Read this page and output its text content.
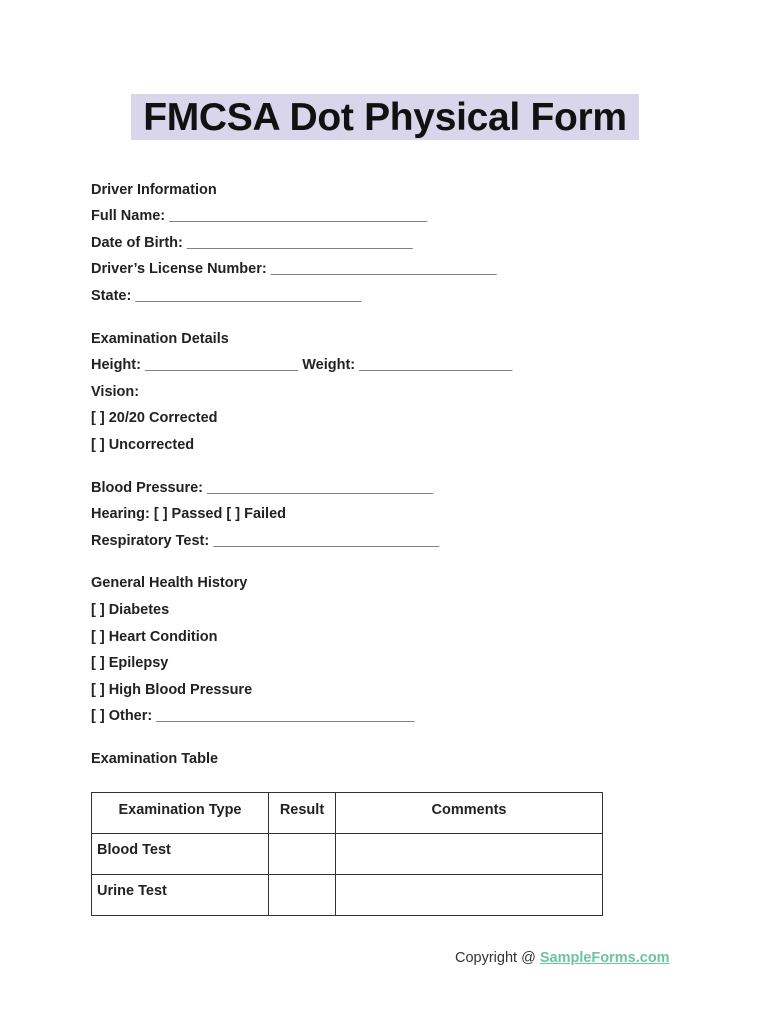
FMCSA Dot Physical Form
Driver Information
Full Name: ________________________________
Date of Birth: ____________________________
Driver’s License Number: ____________________________
State: ____________________________
Examination Details
Height: ___________________ Weight: ___________________
Vision:
[ ] 20/20 Corrected
[ ] Uncorrected
Blood Pressure: ____________________________
Hearing: [ ] Passed [ ] Failed
Respiratory Test: ____________________________
General Health History
[ ] Diabetes
[ ] Heart Condition
[ ] Epilepsy
[ ] High Blood Pressure
[ ] Other: ________________________________
Examination Table
Examination Type	Result	Comments
Blood Test		
Urine Test		
Copyright @ SampleForms.com
